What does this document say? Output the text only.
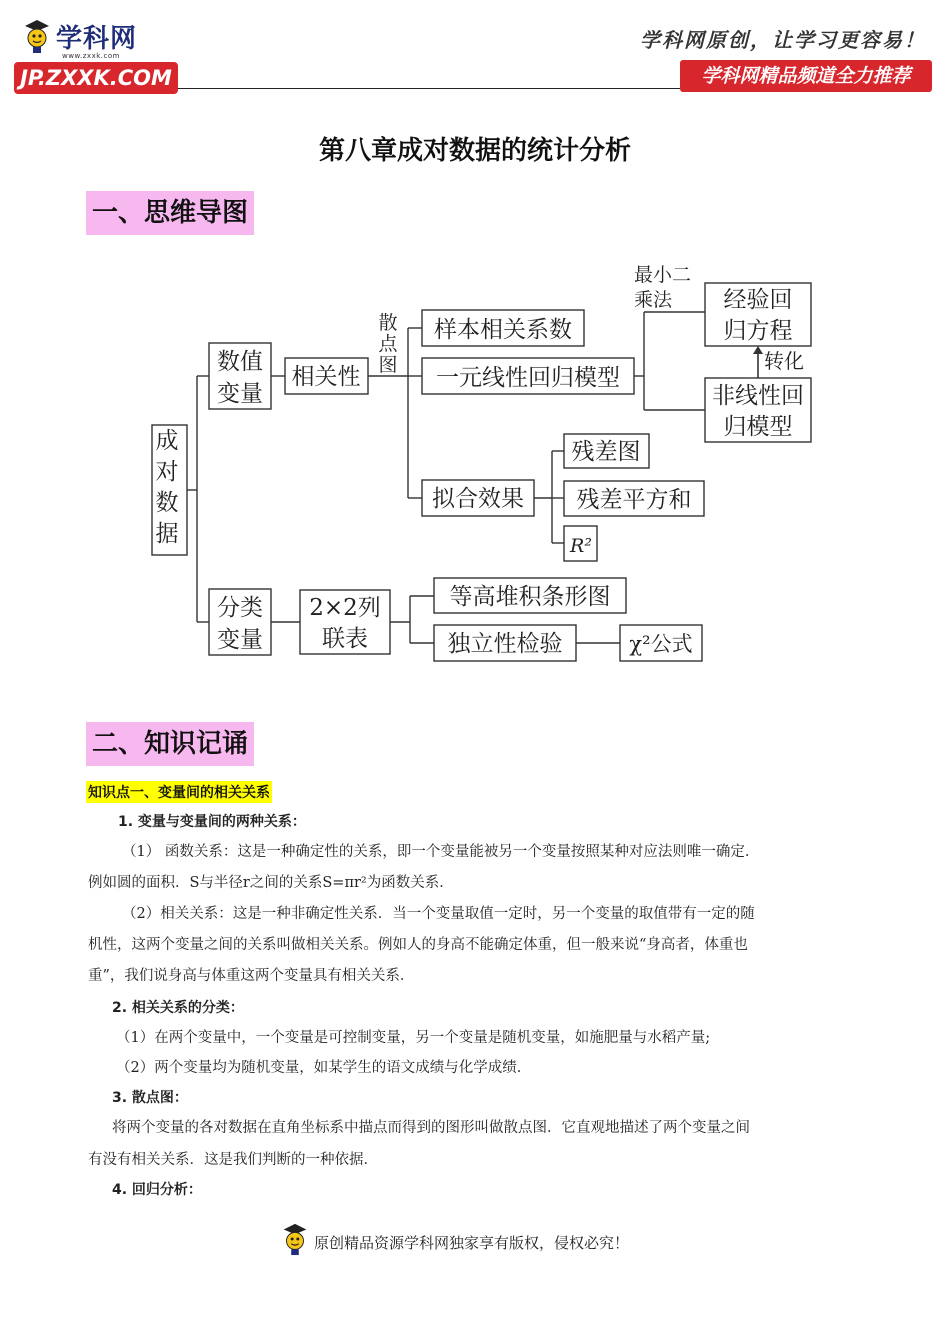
学科网
www.zxxk.com
JP.ZXXK.COM
学科网原创，让学习更容易！
学科网精品频道全力推荐
第八章成对数据的统计分析
一、思维导图
成对数据
数值
变量
相关性
样本相关系数
一元线性回归模型
经验回
归方程
非线性回
归模型
拟合效果
残差图
残差平方和
R²
分类
变量
2×2列
联表
等高堆积条形图
独立性检验	χ²公式
散
点
图
最小二
乘法
转化
二、知识记诵
知识点一、变量间的相关关系
1. 变量与变量间的两种关系：
（1） 函数关系：这是一种确定性的关系，即一个变量能被另一个变量按照某种对应法则唯一确定．
例如圆的面积．S与半径r之间的关系S=πr²为函数关系．
（2）相关关系：这是一种非确定性关系．当一个变量取值一定时，另一个变量的取值带有一定的随
机性，这两个变量之间的关系叫做相关关系。例如人的身高不能确定体重，但一般来说“身高者，体重也
重”，我们说身高与体重这两个变量具有相关关系．
2. 相关关系的分类：
（1）在两个变量中，一个变量是可控制变量，另一个变量是随机变量，如施肥量与水稻产量;
（2）两个变量均为随机变量，如某学生的语文成绩与化学成绩．
3. 散点图：
将两个变量的各对数据在直角坐标系中描点而得到的图形叫做散点图．它直观地描述了两个变量之间
有没有相关关系．这是我们判断的一种依据．
4. 回归分析：
原创精品资源学科网独家享有版权，侵权必究！
